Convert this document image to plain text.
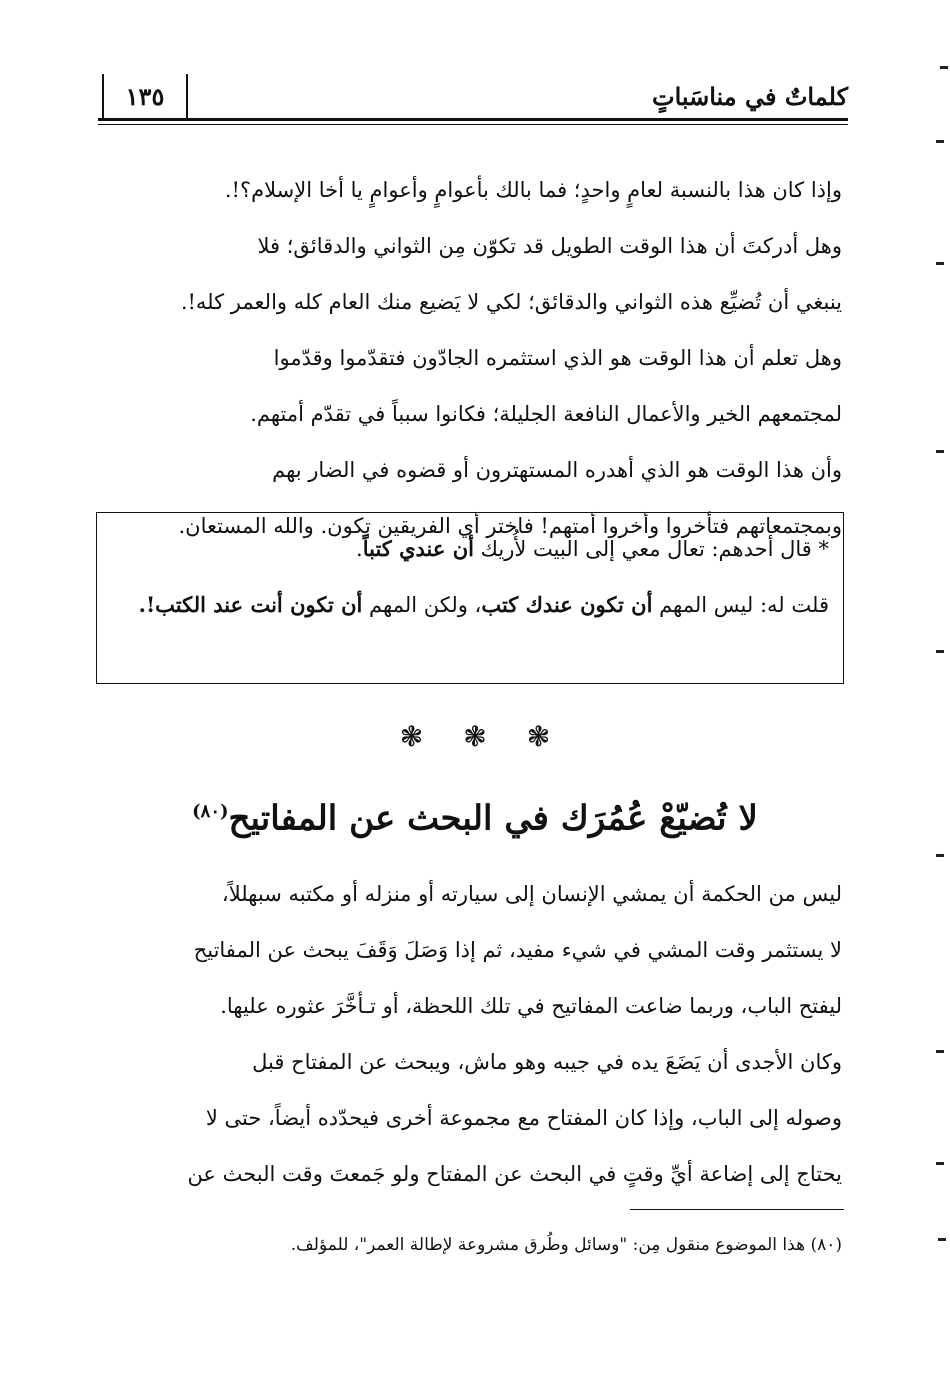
١٣٥	كلماتٌ في مناسَباتٍ
وإذا كان هذا بالنسبة لعامٍ واحدٍ؛ فما بالك بأعوامٍ وأعوامٍ يا أخا الإسلام؟!.
وهل أدركتَ أن هذا الوقت الطويل قد تكوّن مِن الثواني والدقائق؛ فلا
ينبغي أن تُضيِّع هذه الثواني والدقائق؛ لكي لا يَضيع منك العام كله والعمر كله!.
وهل تعلم أن هذا الوقت هو الذي استثمره الجادّون فتقدّموا وقدّموا
لمجتمعهم الخير والأعمال النافعة الجليلة؛ فكانوا سبباً في تقدّم أمتهم.
وأن هذا الوقت هو الذي أهدره المستهترون أو قضوه في الضار بهم
وبمجتمعاتهم فتأخروا وأخروا أمتهم! فاختر أي الفريقين تكون. والله المستعان.
* قال أحدهم: تعال معي إلى البيت لأُريك أن عندي كتباً.
قلت له: ليس المهم أن تكون عندك كتب، ولكن المهم أن تكون أنت عند الكتب!.
❃ ❃ ❃
لا تُضيّعْ عُمُرَك في البحث عن المفاتيح$^{(٨٠)}$
ليس من الحكمة أن يمشي الإنسان إلى سيارته أو منزله أو مكتبه سبهللاً،
لا يستثمر وقت المشي في شيء مفيد، ثم إذا وَصَلَ وَقَفَ يبحث عن المفاتيح
ليفتح الباب، وربما ضاعت المفاتيح في تلك اللحظة، أو تـأخَّرَ عثوره عليها.
وكان الأجدى أن يَضَعَ يده في جيبه وهو ماش، ويبحث عن المفتاح قبل
وصوله إلى الباب، وإذا كان المفتاح مع مجموعة أخرى فيحدّده أيضاً، حتى لا
يحتاج إلى إضاعة أيِّ وقتٍ في البحث عن المفتاح ولو جَمعتَ وقت البحث عن
(٨٠) هذا الموضوع منقول مِن: "وسائل وطُرق مشروعة لإطالة العمر"، للمؤلف.
